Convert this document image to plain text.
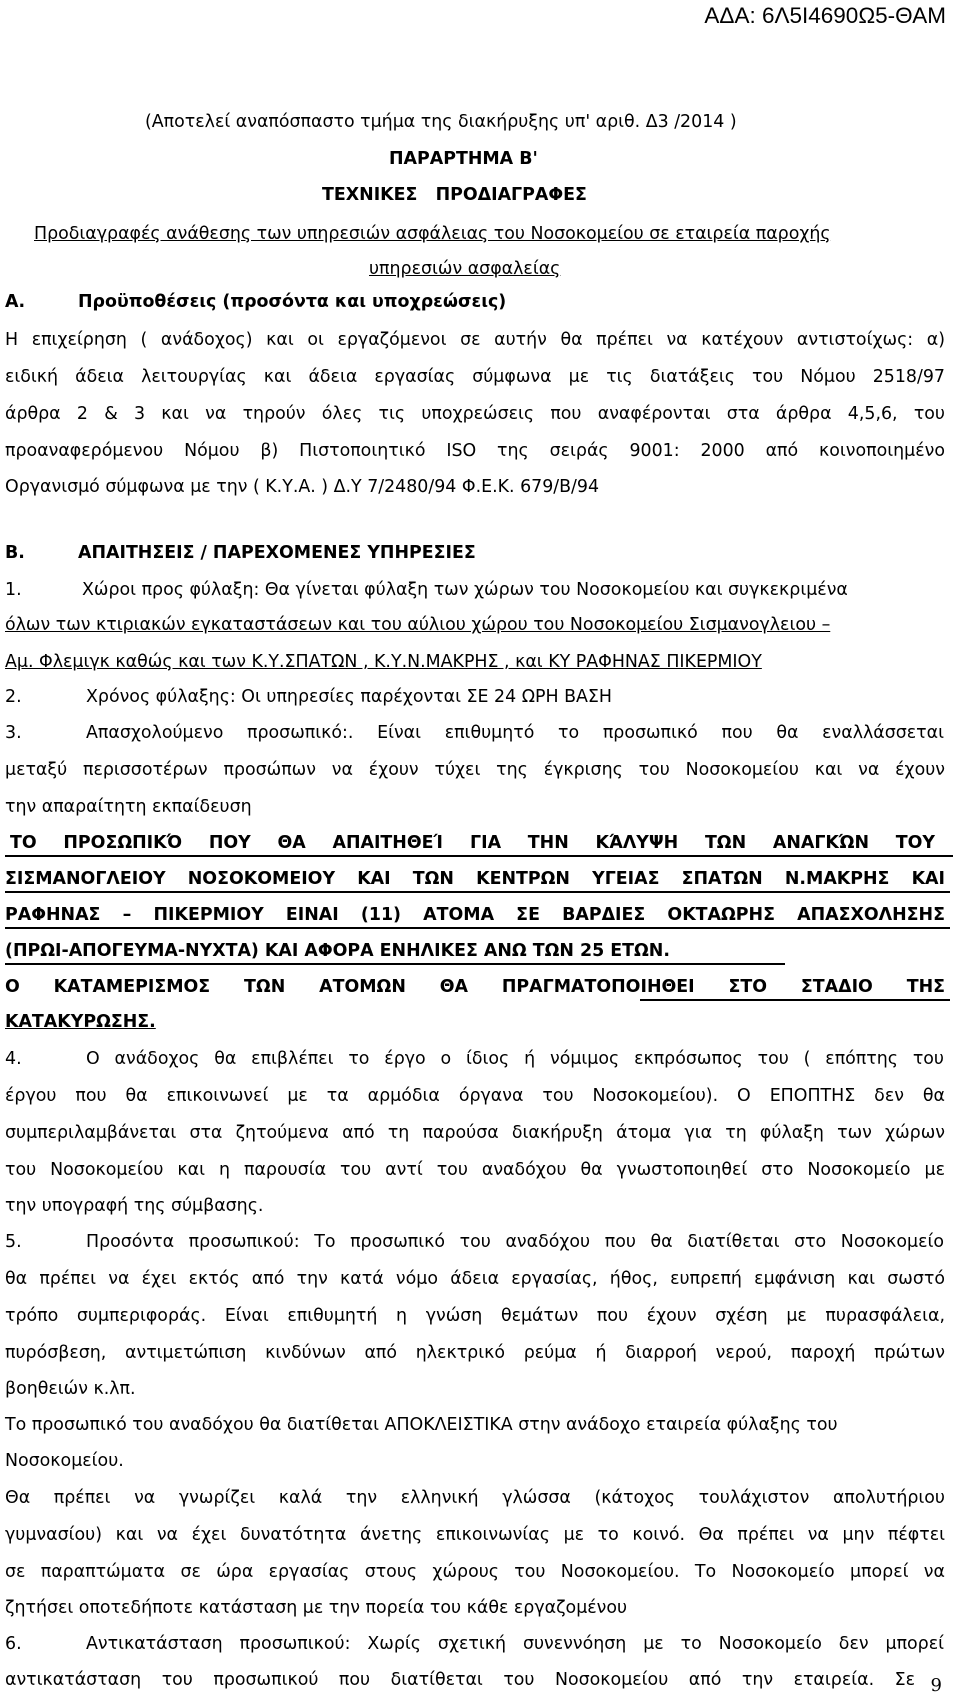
ΑΔΑ: 6Λ5Ι4690Ω5-ΘΑΜ
(Αποτελεί αναπόσπαστο τμήμα της διακήρυξης υπ' αριθ. Δ3 /2014 )
ΠΑΡΑΡΤΗΜΑ Β'
ΤΕΧΝΙΚΕΣ   ΠΡΟΔΙΑΓΡΑΦΕΣ
Προδιαγραφές ανάθεσης των υπηρεσιών ασφάλειας του Νοσοκομείου σε εταιρεία παροχής
υπηρεσιών ασφαλείας
Α.	Προϋποθέσεις (προσόντα και υποχρεώσεις)
Η επιχείρηση ( ανάδοχος) και οι εργαζόμενοι σε αυτήν θα πρέπει να κατέχουν αντιστοίχως: α)
ειδική άδεια λειτουργίας και άδεια εργασίας σύμφωνα με τις διατάξεις του Νόμου 2518/97
άρθρα 2 & 3 και να τηρούν όλες τις υποχρεώσεις που αναφέρονται στα άρθρα 4,5,6, του
προαναφερόμενου Νόμου β) Πιστοποιητικό ISO της σειράς 9001: 2000 από κοινοποιημένο
Οργανισμό σύμφωνα με την ( Κ.Υ.Α. ) Δ.Υ 7/2480/94 Φ.Ε.Κ. 679/Β/94
Β.	ΑΠΑΙΤΗΣΕΙΣ / ΠΑΡΕΧΟΜΕΝΕΣ ΥΠΗΡΕΣΙΕΣ
1.	Χώροι προς φύλαξη: Θα γίνεται φύλαξη των χώρων του Νοσοκομείου και συγκεκριμένα
όλων των κτιριακών εγκαταστάσεων και του αύλιου χώρου του Νοσοκομείου Σισμανογλειου –
Αμ. Φλεμιγκ καθώς και των Κ.Υ.ΣΠΑΤΩΝ , Κ.Υ.Ν.ΜΑΚΡΗΣ , και ΚΥ ΡΑΦΗΝΑΣ ΠΙΚΕΡΜΙΟΥ
2.	Χρόνος φύλαξης: Οι υπηρεσίες παρέχονται ΣΕ 24 ΩΡΗ ΒΑΣΗ
3.	Απασχολούμενο προσωπικό:. Είναι επιθυμητό το προσωπικό που θα εναλλάσσεται
μεταξύ περισσοτέρων προσώπων να έχουν τύχει της έγκρισης του Νοσοκομείου και να έχουν
την απαραίτητη εκπαίδευση
ΤΟ ΠΡΟΣΩΠΙΚΌ ΠΟΥ ΘΑ ΑΠΑΙΤΗΘΕΊ ΓΙΑ ΤΗΝ ΚΆΛΥΨΗ ΤΩΝ ΑΝΑΓΚΏΝ ΤΟΥ
ΣΙΣΜΑΝΟΓΛΕΙΟΥ ΝΟΣΟΚΟΜΕΙΟΥ ΚΑΙ ΤΩΝ ΚΕΝΤΡΩΝ ΥΓΕΙΑΣ ΣΠΑΤΩΝ Ν.ΜΑΚΡΗΣ ΚΑΙ
ΡΑΦΗΝΑΣ – ΠΙΚΕΡΜΙΟΥ ΕΙΝΑΙ (11) ΑΤΟΜΑ ΣΕ ΒΑΡΔΙΕΣ ΟΚΤΑΩΡΗΣ ΑΠΑΣΧΟΛΗΣΗΣ
(ΠΡΩΙ-ΑΠΟΓΕΥΜΑ-ΝΥΧΤΑ) ΚΑΙ ΑΦΟΡΑ ΕΝΗΛΙΚΕΣ ΑΝΩ ΤΩΝ 25 ΕΤΩΝ.
Ο ΚΑΤΑΜΕΡΙΣΜΟΣ ΤΩΝ ΑΤΟΜΩΝ ΘΑ ΠΡΑΓΜΑΤΟΠΟΙΗΘΕΙ ΣΤΟ ΣΤΑΔΙΟ ΤΗΣ
ΚΑΤΑΚΥΡΩΣΗΣ.
4.	Ο ανάδοχος θα επιβλέπει το έργο ο ίδιος ή νόμιμος εκπρόσωπος του ( επόπτης του
έργου που θα επικοινωνεί με τα αρμόδια όργανα του Νοσοκομείου). Ο ΕΠΟΠΤΗΣ δεν θα
συμπεριλαμβάνεται στα ζητούμενα από τη παρούσα διακήρυξη άτομα για τη φύλαξη των χώρων
του Νοσοκομείου και η παρουσία του αντί του αναδόχου θα γνωστοποιηθεί στο Νοσοκομείο με
την υπογραφή της σύμβασης.
5.	Προσόντα προσωπικού: Το προσωπικό του αναδόχου που θα διατίθεται στο Νοσοκομείο
θα πρέπει να έχει εκτός από την κατά νόμο άδεια εργασίας, ήθος, ευπρεπή εμφάνιση και σωστό
τρόπο συμπεριφοράς. Είναι επιθυμητή η γνώση θεμάτων που έχουν σχέση με πυρασφάλεια,
πυρόσβεση, αντιμετώπιση κινδύνων από ηλεκτρικό ρεύμα ή διαρροή νερού, παροχή πρώτων
βοηθειών κ.λπ.
Το προσωπικό του αναδόχου θα διατίθεται ΑΠΟΚΛΕΙΣΤΙΚΑ στην ανάδοχο εταιρεία φύλαξης του
Νοσοκομείου.
Θα πρέπει να γνωρίζει καλά την ελληνική γλώσσα (κάτοχος τουλάχιστον απολυτήριου
γυμνασίου) και να έχει δυνατότητα άνετης επικοινωνίας με το κοινό. Θα πρέπει να μην πέφτει
σε παραπτώματα σε ώρα εργασίας στους χώρους του Νοσοκομείου. Το Νοσοκομείο μπορεί να
ζητήσει οποτεδήποτε κατάσταση με την πορεία του κάθε εργαζομένου
6.	Αντικατάσταση προσωπικού: Χωρίς σχετική συνεννόηση με το Νοσοκομείο δεν μπορεί
αντικατάσταση του προσωπικού που διατίθεται του Νοσοκομείου από την εταιρεία. Σε 9
